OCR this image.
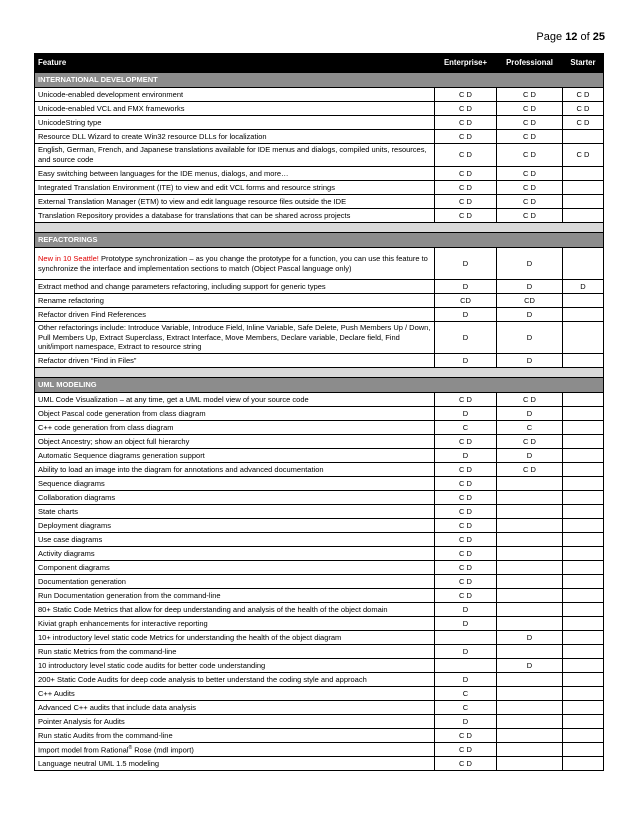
Page 12 of 25
Feature	Enterprise+	Professional	Starter
INTERNATIONAL DEVELOPMENT			
Unicode-enabled development environment	C D	C D	C D
Unicode-enabled VCL and FMX frameworks	C D	C D	C D
UnicodeString type	C D	C D	C D
Resource DLL Wizard to create Win32 resource DLLs for localization	C D	C D	
English, German, French, and Japanese translations available for IDE menus and dialogs, compiled units, resources, and source code	C D	C D	C D
Easy switching between languages for the IDE menus, dialogs, and more…	C D	C D	
Integrated Translation Environment (ITE) to view and edit VCL forms and resource strings	C D	C D	
External Translation Manager (ETM) to view and edit language resource files outside the IDE	C D	C D	
Translation Repository provides a database for translations that can be shared across projects	C D	C D	

REFACTORINGS			
New in 10 Seattle! Prototype synchronization – as you change the prototype for a function, you can use this feature to synchronize the interface and implementation sections to match (Object Pascal language only)	D	D	
Extract method and change parameters refactoring, including support for generic types	D	D	D
Rename refactoring	CD	CD	
Refactor driven Find References	D	D	
Other refactorings include: Introduce Variable, Introduce Field, Inline Variable, Safe Delete, Push Members Up / Down, Pull Members Up, Extract Superclass, Extract Interface, Move Members, Declare variable, Declare field, Find unit/import namespace, Extract to resource string	D	D	
Refactor driven “Find in Files”	D	D	

UML MODELING			
UML Code Visualization – at any time, get a UML model view of your source code	C D	C D	
Object Pascal code generation from class diagram	D	D	
C++ code generation from class diagram	C	C	
Object Ancestry; show an object full hierarchy	C D	C D	
Automatic Sequence diagrams generation support	D	D	
Ability to load an image into the diagram for annotations and advanced documentation	C D	C D	
Sequence diagrams	C D		
Collaboration diagrams	C D		
State charts	C D		
Deployment diagrams	C D		
Use case diagrams	C D		
Activity diagrams	C D		
Component diagrams	C D		
Documentation generation	C D		
Run Documentation generation from the command-line	C D		
80+ Static Code Metrics that allow for deep understanding and analysis of the health of the object domain	D		
Kiviat graph enhancements for interactive reporting	D		
10+ introductory level static code Metrics for understanding the health of the object diagram		D	
Run static Metrics from the command-line	D		
10 introductory level static code audits for better code understanding		D	
200+ Static Code Audits for deep code analysis to better understand the coding style and approach	D		
C++ Audits	C		
Advanced C++ audits that include data analysis	C		
Pointer Analysis for Audits	D		
Run static Audits from the command-line	C D		
Import model from Rational® Rose (mdl import)	C D		
Language neutral UML 1.5 modeling	C D		
